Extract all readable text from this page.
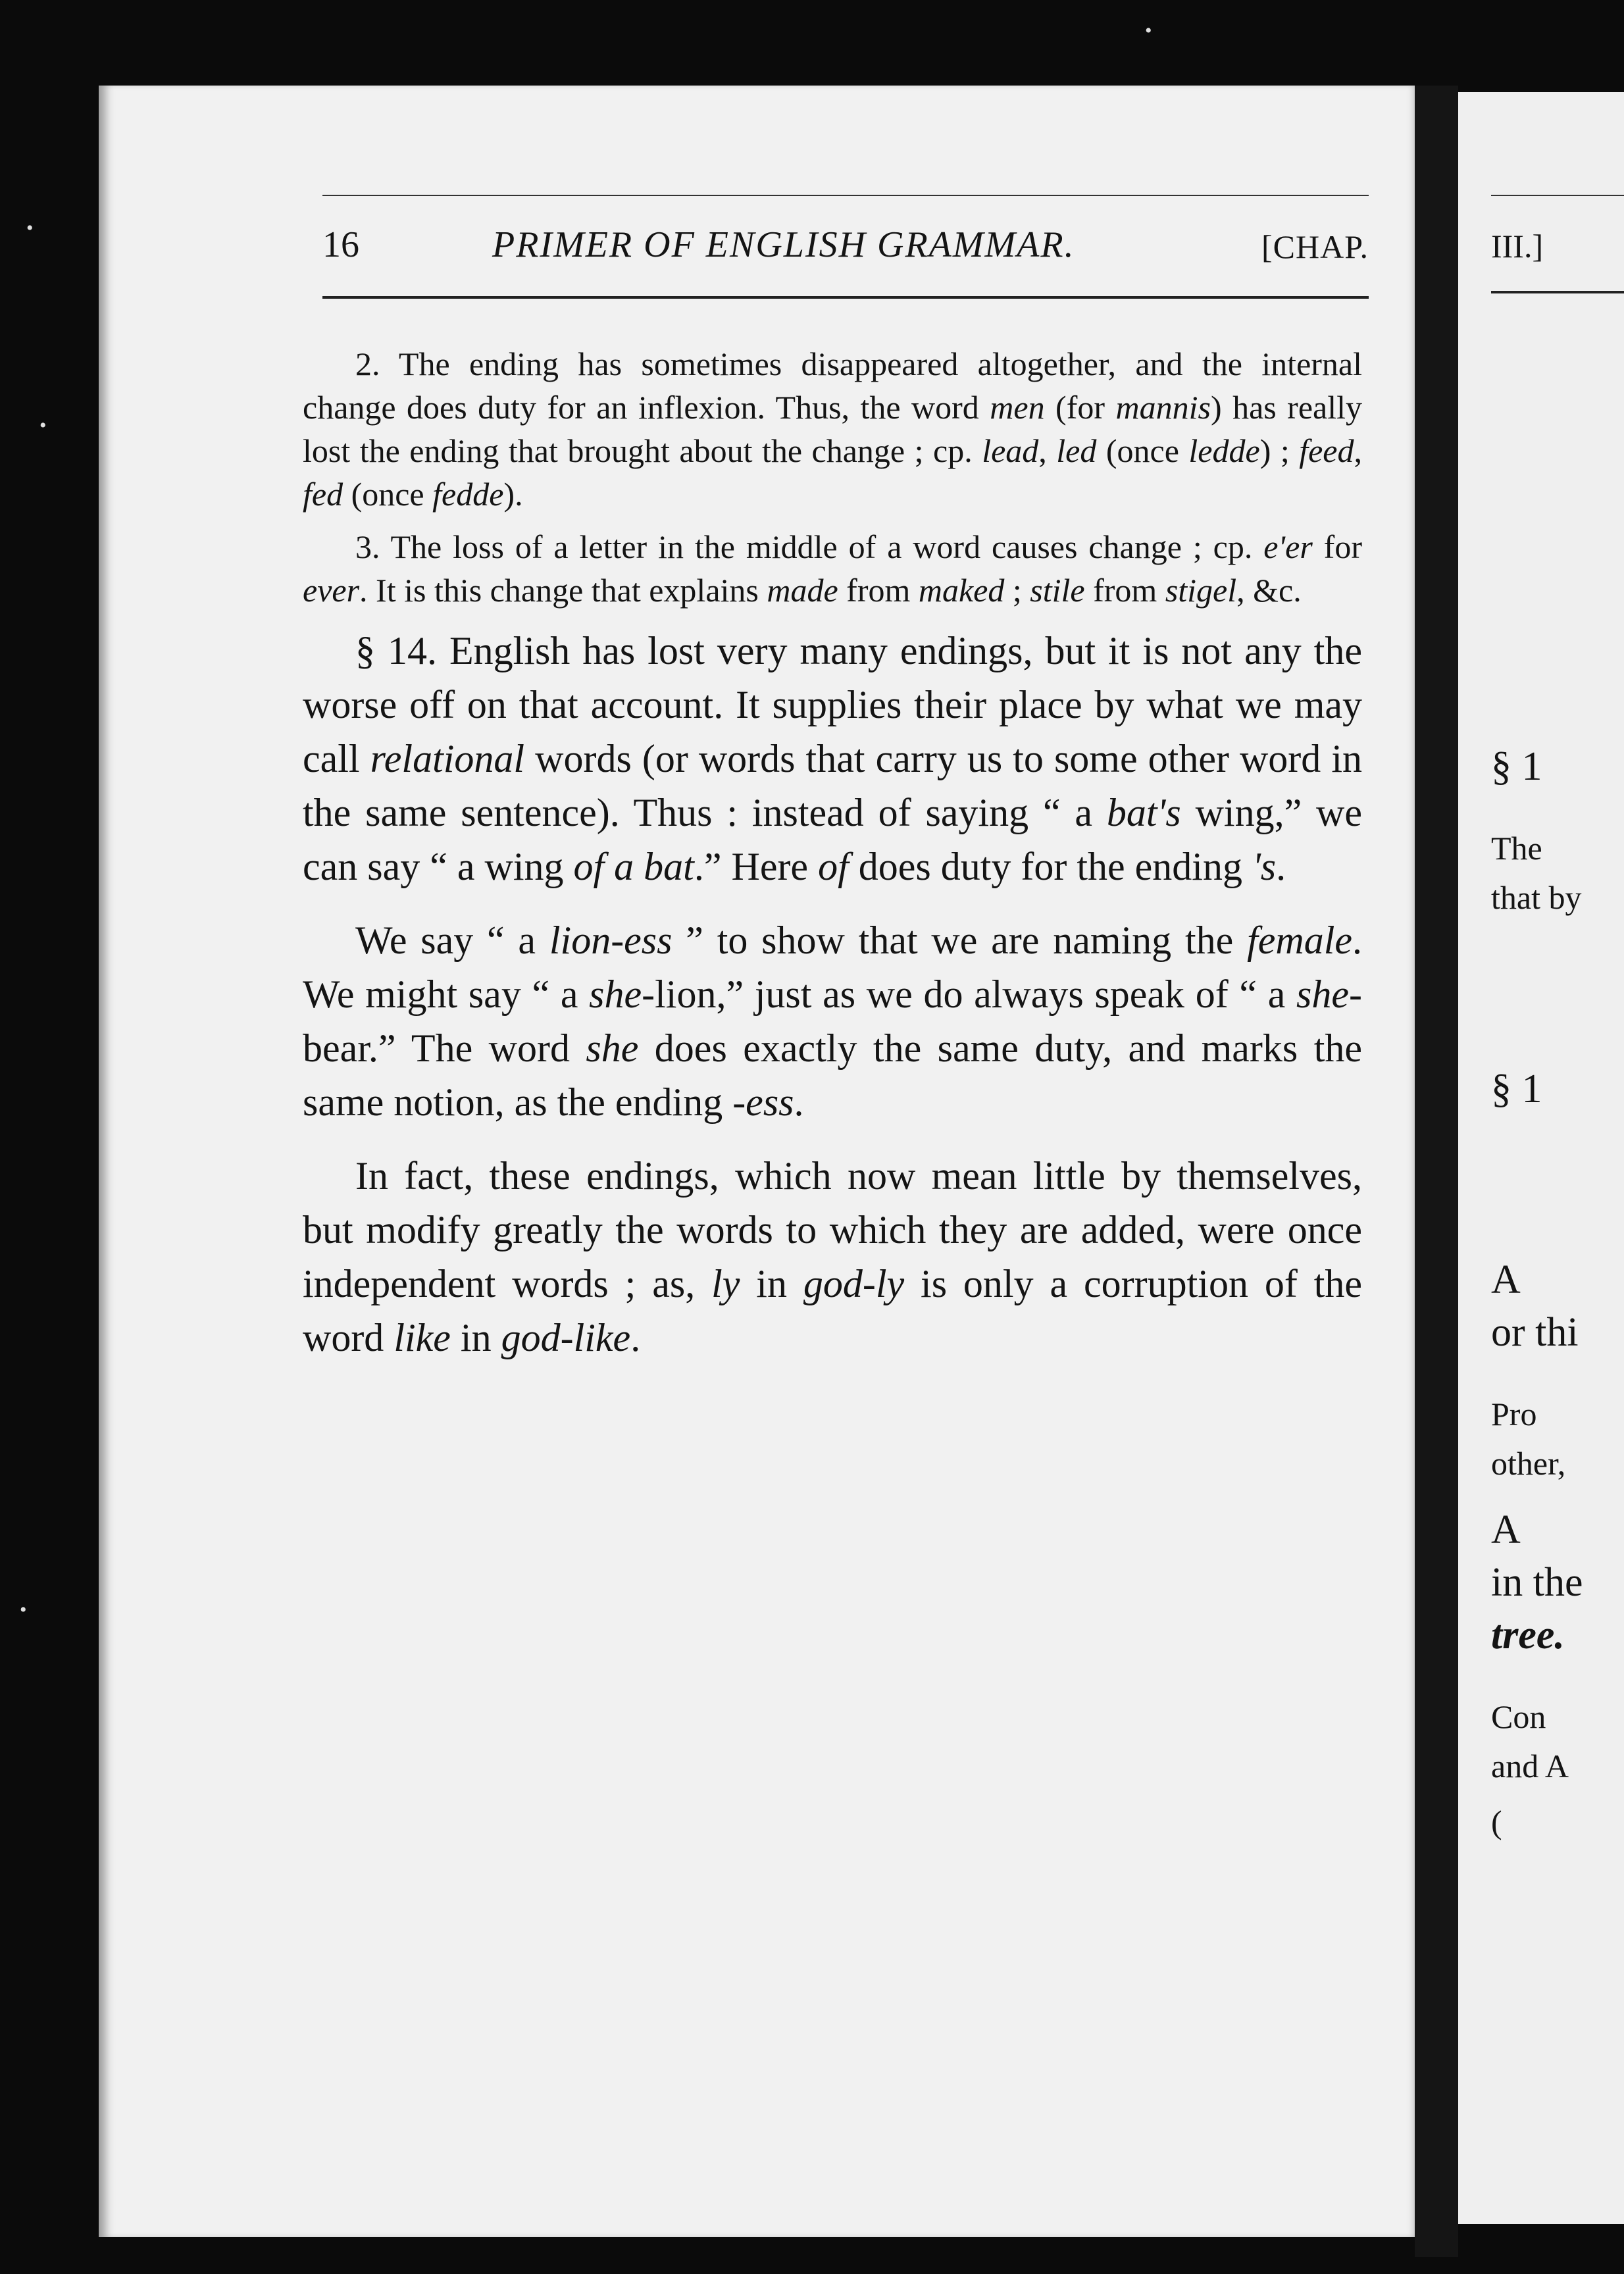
16	PRIMER OF ENGLISH GRAMMAR.	[CHAP.

2. The ending has sometimes disappeared altogether, and the internal change does duty for an inflexion. Thus, the word men (for mannis) has really lost the ending that brought about the change ; cp. lead, led (once ledde) ; feed, fed (once fedde).

3. The loss of a letter in the middle of a word causes change ; cp. e'er for ever. It is this change that explains made from maked ; stile from stigel, &c.

§ 14. English has lost very many endings, but it is not any the worse off on that account. It supplies their place by what we may call relational words (or words that carry us to some other word in the same sentence). Thus : instead of saying “ a bat's wing,” we can say “ a wing of a bat.” Here of does duty for the ending 's.

We say “ a lion-ess ” to show that we are naming the female. We might say “ a she-lion,” just as we do always speak of “ a she-bear.” The word she does exactly the same duty, and marks the same notion, as the ending -ess.

In fact, these endings, which now mean little by themselves, but modify greatly the words to which they are added, were once independent words ; as, ly in god-ly is only a corruption of the word like in god-like.

III.]
§ 1
The
that by
§ 1
A
or thi
Pro
other,
A
in the
tree.
Con
and A
(
•
•
•
•
